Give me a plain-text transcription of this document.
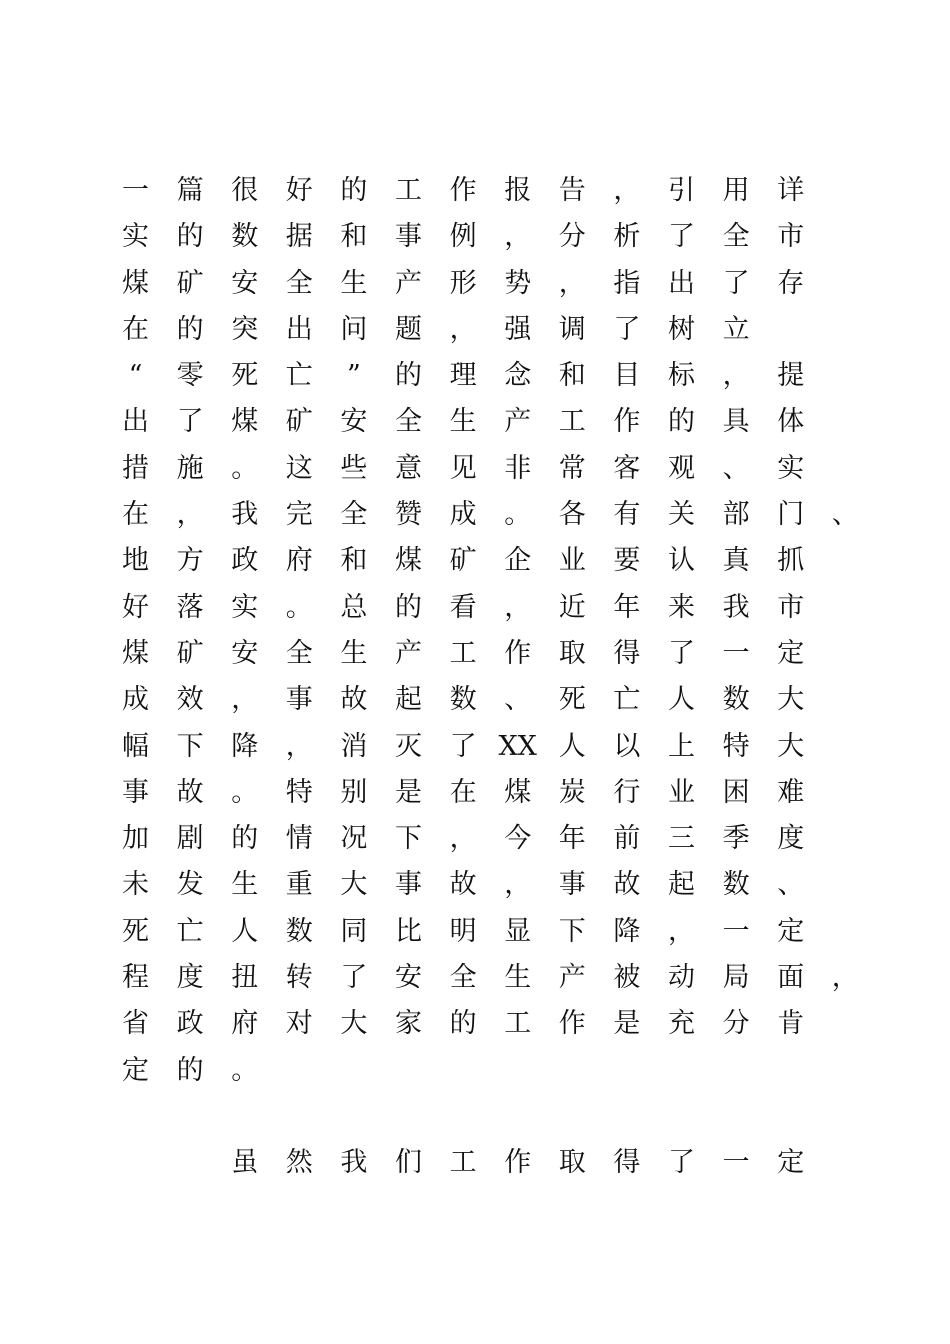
一 篇 很 好 的 工 作 报 告 ， 引 用 详
实 的 数 据 和 事 例 ， 分 析 了 全 市
煤 矿 安 全 生 产 形 势 ， 指 出 了 存
在 的 突 出 问 题 ， 强 调 了 树 立
“	零 死 亡	”	的 理 念 和 目 标 ， 提
出 了 煤 矿 安 全 生 产 工 作 的 具 体
措 施 。 这 些 意 见 非 常 客 观 、 实
在 ， 我 完 全 赞 成 。 各 有 关 部 门 、
地 方 政 府 和 煤 矿 企 业 要 认 真 抓
好 落 实 。 总 的 看 ， 近 年 来 我 市
煤 矿 安 全 生 产 工 作 取 得 了 一 定
成 效 ， 事 故 起 数 、 死 亡 人 数 大
幅 下 降 ， 消 灭 了 XX 人 以 上 特 大
事 故 。 特 别 是 在 煤 炭 行 业 困 难
加 剧 的 情 况 下 ， 今 年 前 三 季 度
未 发 生 重 大 事 故 ， 事 故 起 数 、
死 亡 人 数 同 比 明 显 下 降 ， 一 定
程 度 扭 转 了 安 全 生 产 被 动 局 面 ，
省 政 府 对 大 家 的 工 作 是 充 分 肯
定 的 。
虽 然 我 们 工 作 取 得 了 一 定
